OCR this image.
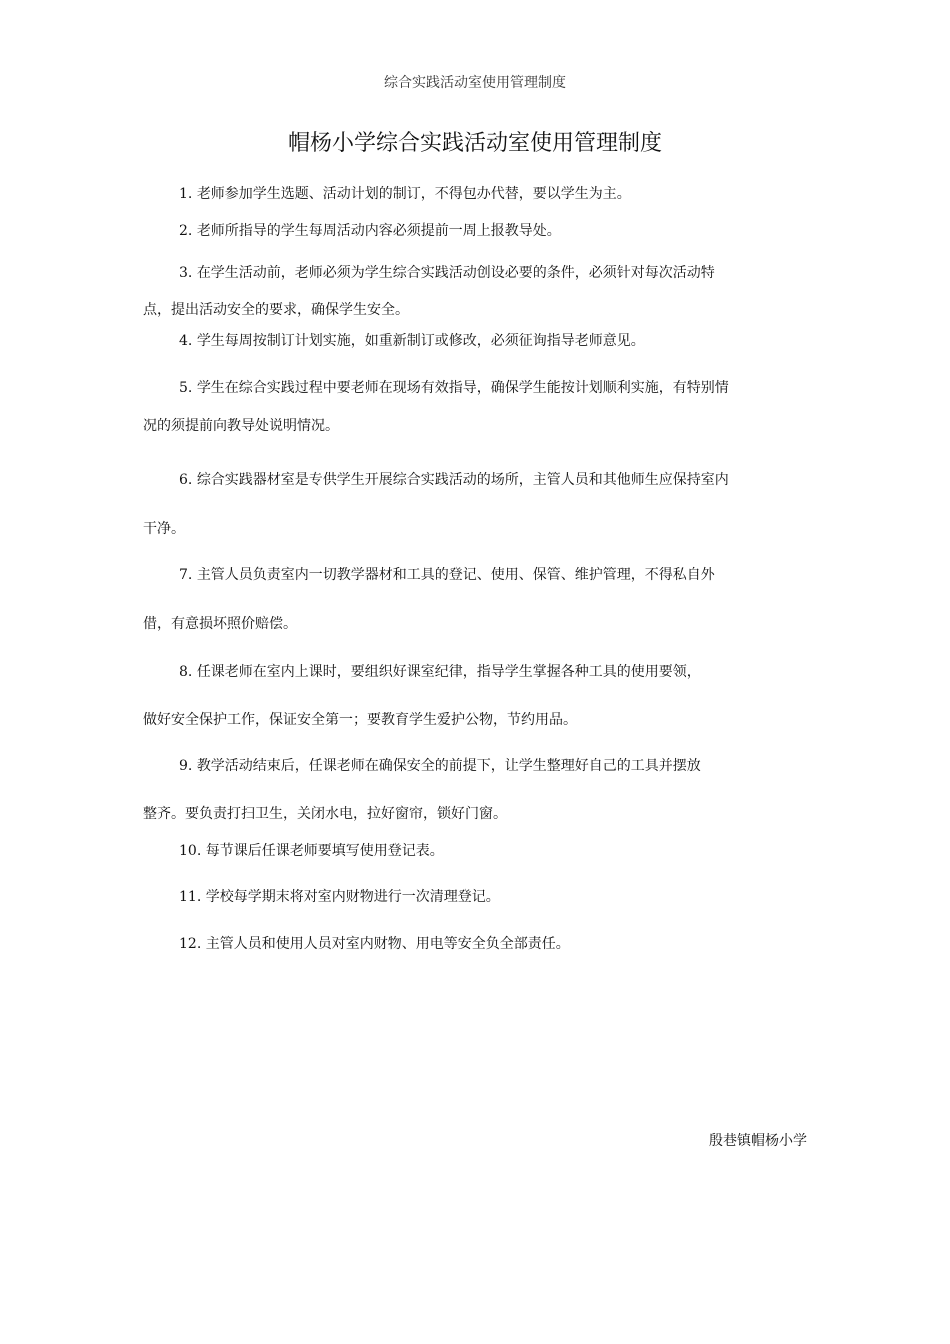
综合实践活动室使用管理制度
帽杨小学综合实践活动室使用管理制度
1. 老师参加学生选题、活动计划的制订，不得包办代替，要以学生为主。
2. 老师所指导的学生每周活动内容必须提前一周上报教导处。
3. 在学生活动前，老师必须为学生综合实践活动创设必要的条件，必须针对每次活动特
点，提出活动安全的要求，确保学生安全。
4. 学生每周按制订计划实施，如重新制订或修改，必须征询指导老师意见。
5. 学生在综合实践过程中要老师在现场有效指导，确保学生能按计划顺利实施，有特别情
况的须提前向教导处说明情况。
6. 综合实践器材室是专供学生开展综合实践活动的场所，主管人员和其他师生应保持室内
干净。
7. 主管人员负责室内一切教学器材和工具的登记、使用、保管、维护管理，不得私自外
借，有意损坏照价赔偿。
8. 任课老师在室内上课时，要组织好课室纪律，指导学生掌握各种工具的使用要领，
做好安全保护工作，保证安全第一；要教育学生爱护公物，节约用品。
9. 教学活动结束后，任课老师在确保安全的前提下，让学生整理好自己的工具并摆放
整齐。要负责打扫卫生，关闭水电，拉好窗帘，锁好门窗。
10. 每节课后任课老师要填写使用登记表。
11. 学校每学期末将对室内财物进行一次清理登记。
12. 主管人员和使用人员对室内财物、用电等安全负全部责任。
殷巷镇帽杨小学
